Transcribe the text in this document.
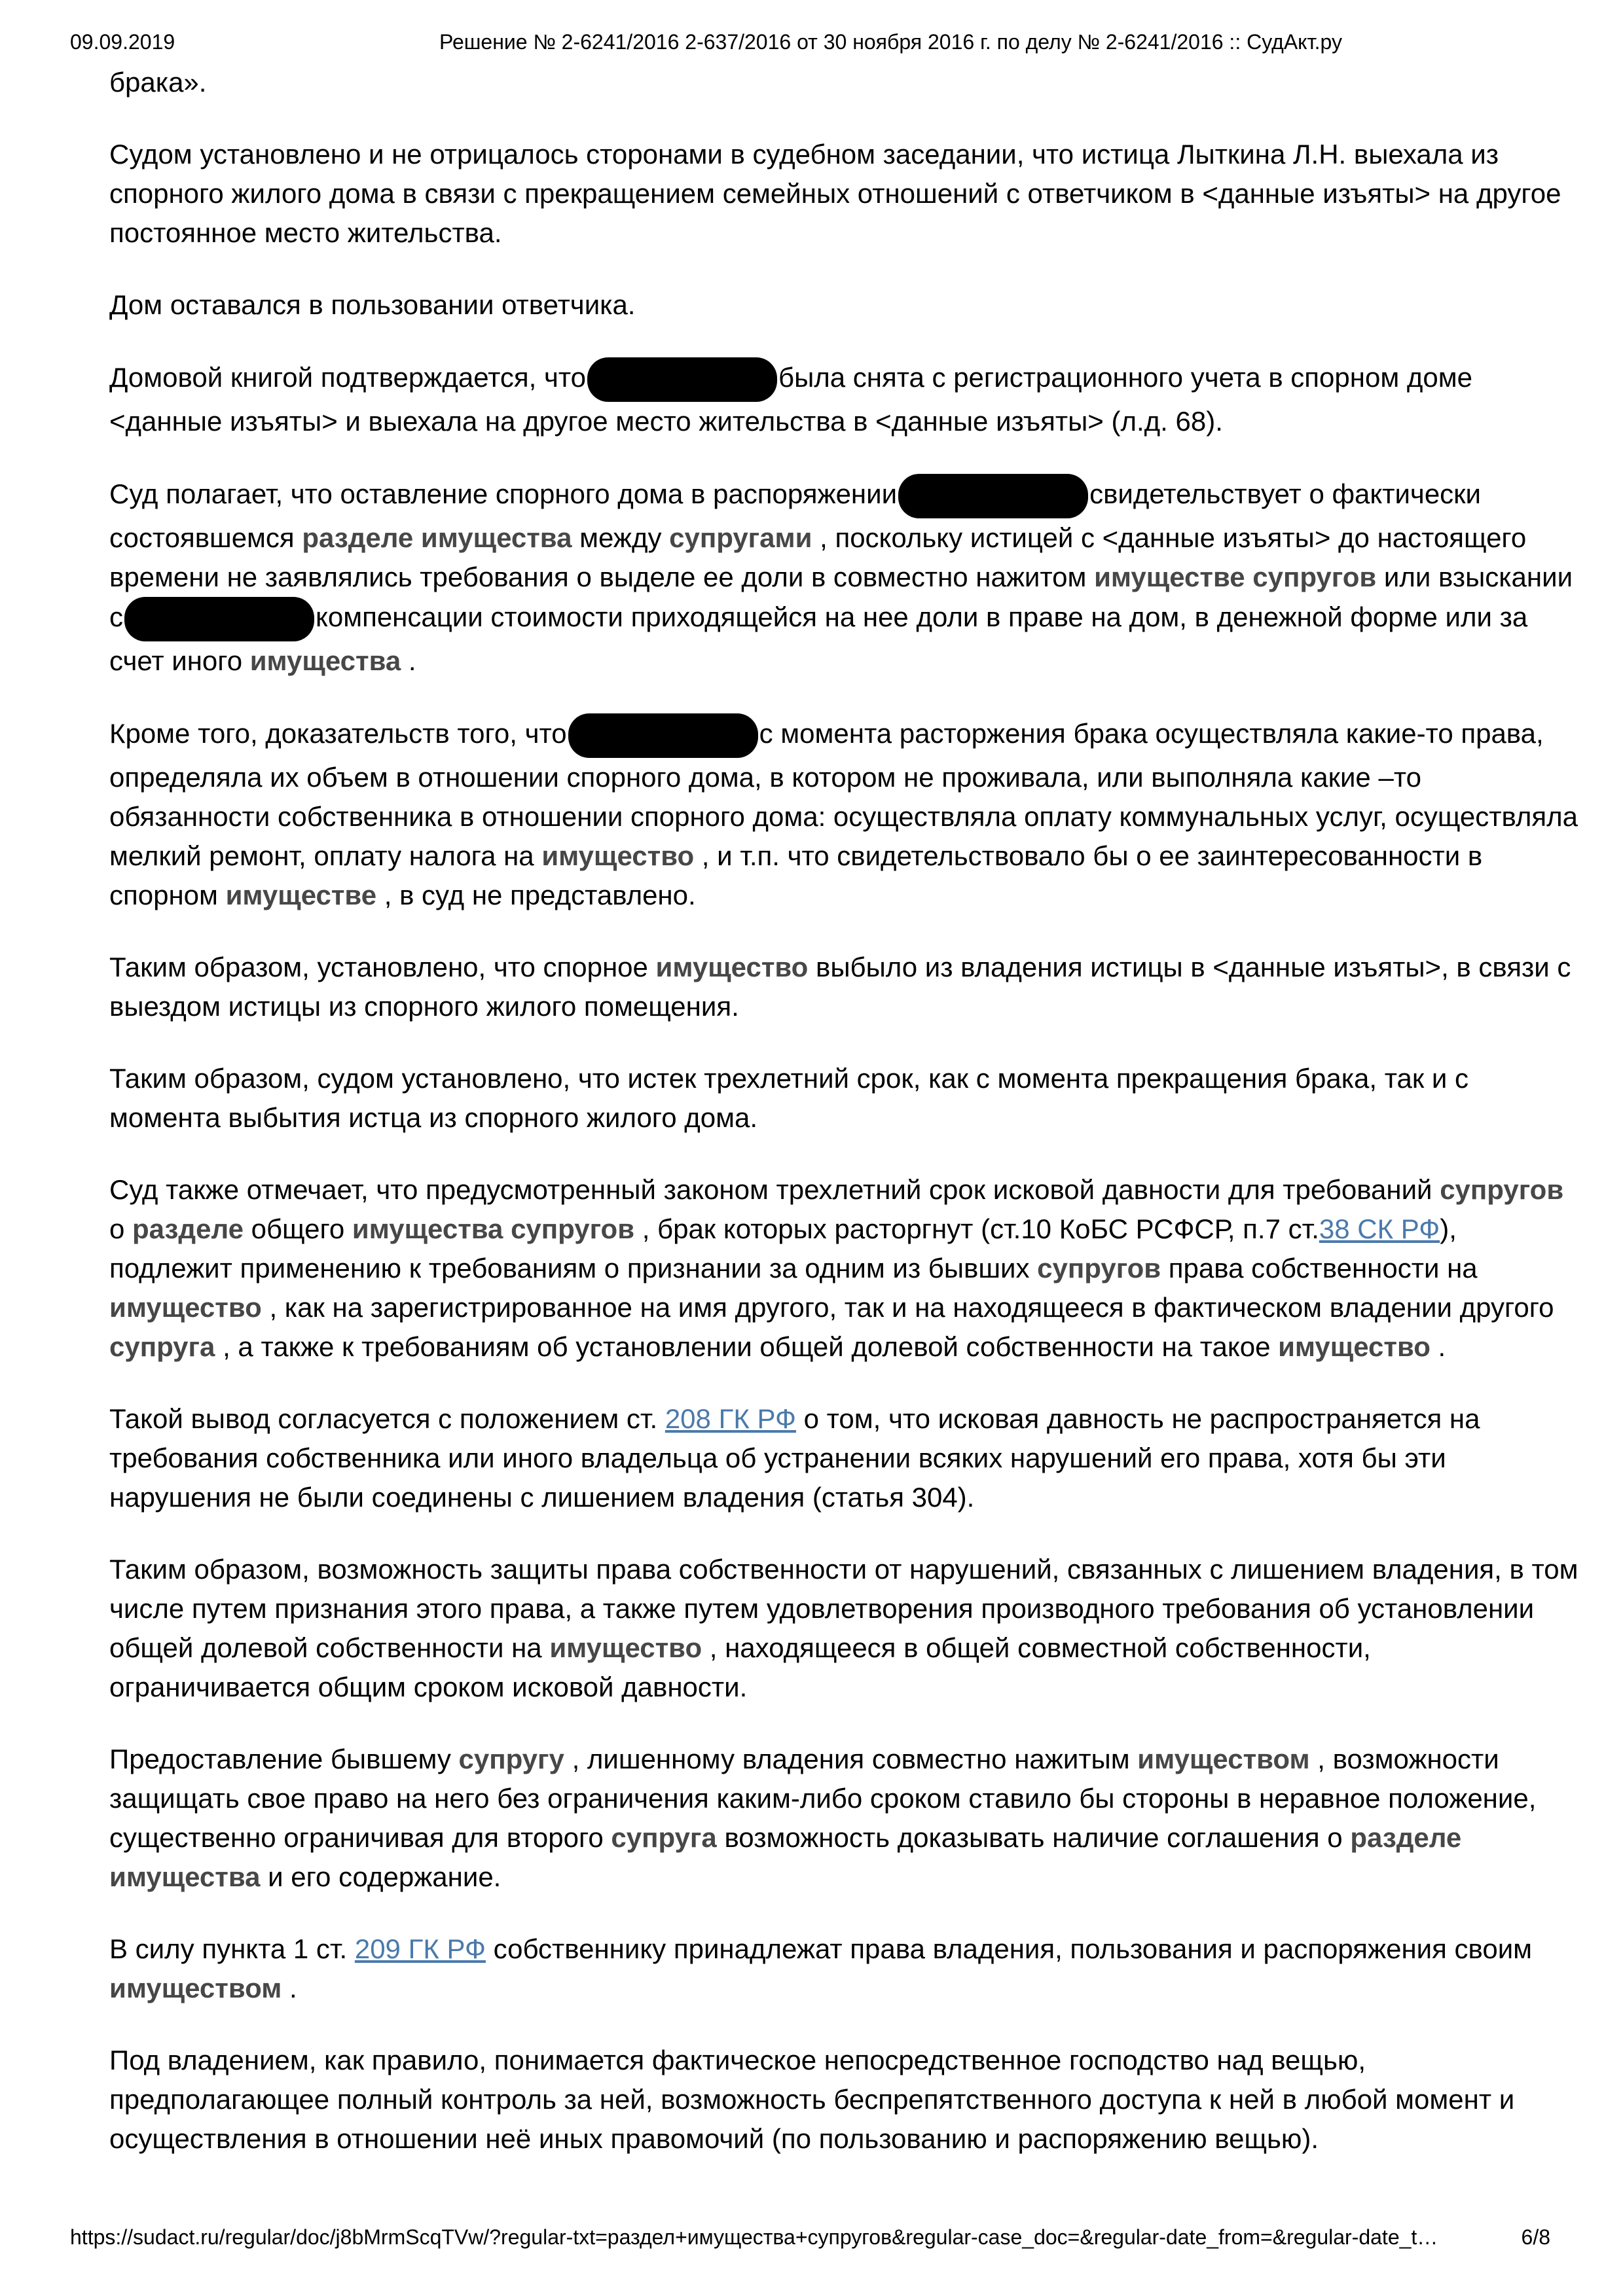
09.09.2019	Решение № 2-6241/2016 2-637/2016 от 30 ноября 2016 г. по делу № 2-6241/2016 :: СудАкт.ру

брака».

Судом установлено и не отрицалось сторонами в судебном заседании, что истица Лыткина Л.Н. выехала из спорного жилого дома в связи с прекращением семейных отношений с ответчиком в <данные изъяты> на другое постоянное место жительства.

Дом оставался в пользовании ответчика.

Домовой книгой подтверждается, что	была снята с регистрационного учета в спорном доме <данные изъяты> и выехала на другое место жительства в <данные изъяты> (л.д. 68).

Суд полагает, что оставление спорного дома в распоряжении	свидетельствует о фактически состоявшемся разделе имущества между супругами , поскольку истицей с <данные изъяты> до настоящего времени не заявлялись требования о выделе ее доли в совместно нажитом имуществе супругов или взыскании с	компенсации стоимости приходящейся на нее доли в праве на дом, в денежной форме или за счет иного имущества .

Кроме того, доказательств того, что	с момента расторжения брака осуществляла какие-то права, определяла их объем в отношении спорного дома, в котором не проживала, или выполняла какие –то обязанности собственника в отношении спорного дома: осуществляла оплату коммунальных услуг, осуществляла мелкий ремонт, оплату налога на имущество , и т.п. что свидетельствовало бы о ее заинтересованности в спорном имуществе , в суд не представлено.

Таким образом, установлено, что спорное имущество выбыло из владения истицы в <данные изъяты>, в связи с выездом истицы из спорного жилого помещения.

Таким образом, судом установлено, что истек трехлетний срок, как с момента прекращения брака, так и с момента выбытия истца из спорного жилого дома.

Суд также отмечает, что предусмотренный законом трехлетний срок исковой давности для требований супругов о разделе общего имущества супругов , брак которых расторгнут (ст.10 КоБС РСФСР, п.7 ст.38 СК РФ), подлежит применению к требованиям о признании за одним из бывших супругов права собственности на имущество , как на зарегистрированное на имя другого, так и на находящееся в фактическом владении другого супруга , а также к требованиям об установлении общей долевой собственности на такое имущество .

Такой вывод согласуется с положением ст. 208 ГК РФ о том, что исковая давность не распространяется на требования собственника или иного владельца об устранении всяких нарушений его права, хотя бы эти нарушения не были соединены с лишением владения (статья 304).

Таким образом, возможность защиты права собственности от нарушений, связанных с лишением владения, в том числе путем признания этого права, а также путем удовлетворения производного требования об установлении общей долевой собственности на имущество , находящееся в общей совместной собственности, ограничивается общим сроком исковой давности.

Предоставление бывшему супругу , лишенному владения совместно нажитым имуществом , возможности защищать свое право на него без ограничения каким-либо сроком ставило бы стороны в неравное положение, существенно ограничивая для второго супруга возможность доказывать наличие соглашения о разделе имущества и его содержание.

В силу пункта 1 ст. 209 ГК РФ собственнику принадлежат права владения, пользования и распоряжения своим имуществом .

Под владением, как правило, понимается фактическое непосредственное господство над вещью, предполагающее полный контроль за ней, возможность беспрепятственного доступа к ней в любой момент и осуществления в отношении неё иных правомочий (по пользованию и распоряжению вещью).

https://sudact.ru/regular/doc/j8bMrmScqTVw/?regular-txt=раздел+имущества+супругов&regular-case_doc=&regular-date_from=&regular-date_t…	6/8
